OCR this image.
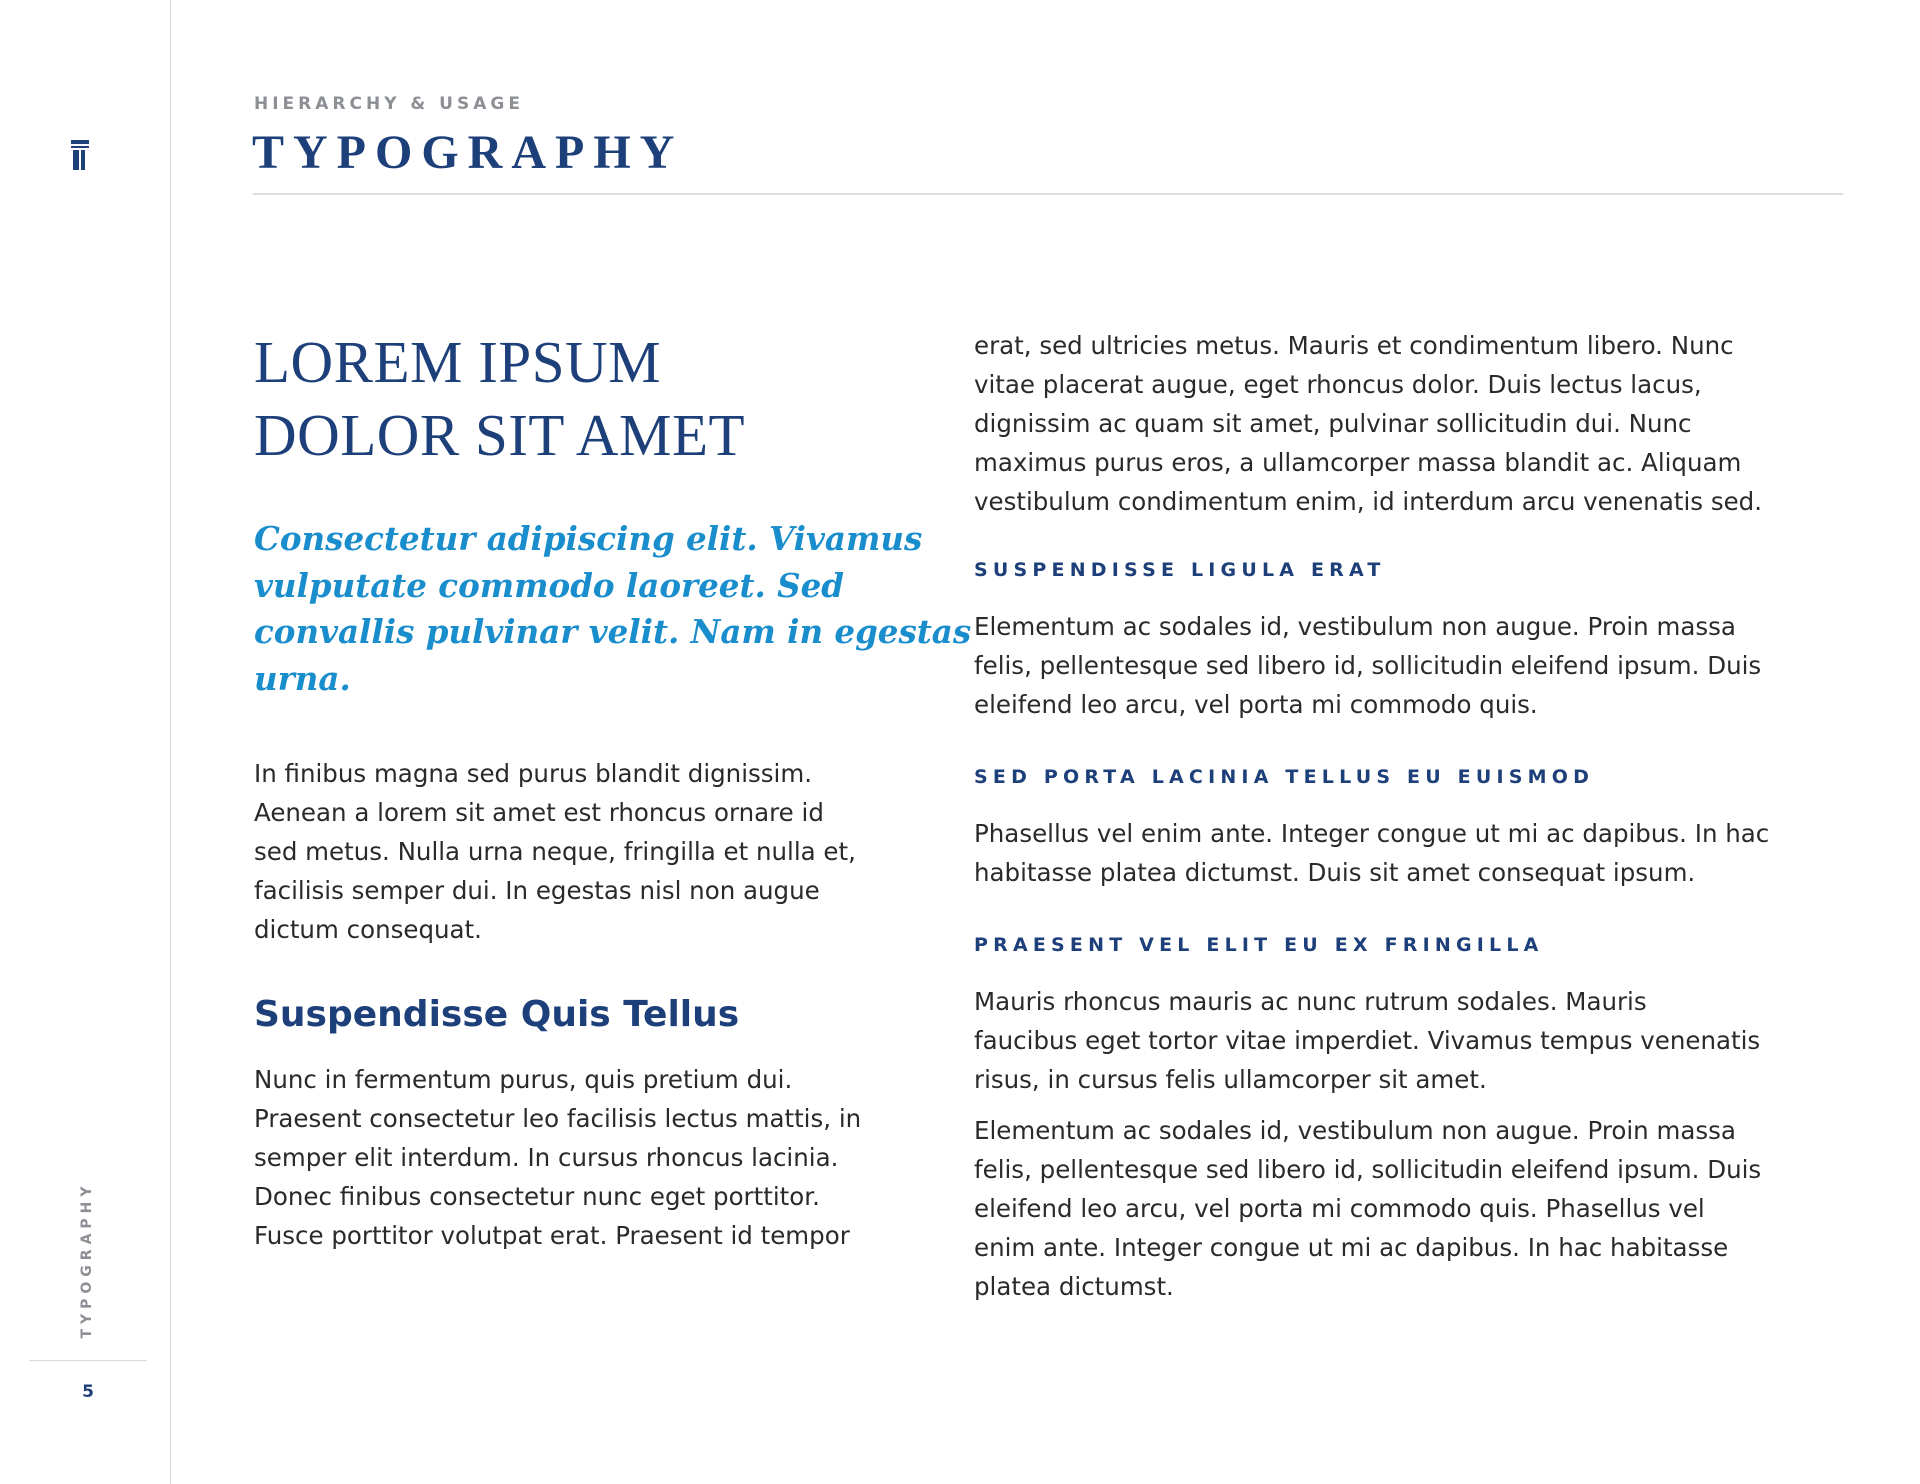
TYPOGRAPHY
5
HIERARCHY & USAGE
TYPOGRAPHY
LOREM IPSUM
DOLOR SIT AMET

Consectetur adipiscing elit. Vivamus
vulputate commodo laoreet. Sed
convallis pulvinar velit. Nam in egestas
urna.

In finibus magna sed purus blandit dignissim.
Aenean a lorem sit amet est rhoncus ornare id
sed metus. Nulla urna neque, fringilla et nulla et,
facilisis semper dui. In egestas nisl non augue
dictum consequat.

Suspendisse Quis Tellus

Nunc in fermentum purus, quis pretium dui.
Praesent consectetur leo facilisis lectus mattis, in
semper elit interdum. In cursus rhoncus lacinia.
Donec finibus consectetur nunc eget porttitor.
Fusce porttitor volutpat erat. Praesent id tempor

erat, sed ultricies metus. Mauris et condimentum libero. Nunc
vitae placerat augue, eget rhoncus dolor. Duis lectus lacus,
dignissim ac quam sit amet, pulvinar sollicitudin dui. Nunc
maximus purus eros, a ullamcorper massa blandit ac. Aliquam
vestibulum condimentum enim, id interdum arcu venenatis sed.

SUSPENDISSE LIGULA ERAT

Elementum ac sodales id, vestibulum non augue. Proin massa
felis, pellentesque sed libero id, sollicitudin eleifend ipsum. Duis
eleifend leo arcu, vel porta mi commodo quis.

SED PORTA LACINIA TELLUS EU EUISMOD

Phasellus vel enim ante. Integer congue ut mi ac dapibus. In hac
habitasse platea dictumst. Duis sit amet consequat ipsum.

PRAESENT VEL ELIT EU EX FRINGILLA

Mauris rhoncus mauris ac nunc rutrum sodales. Mauris
faucibus eget tortor vitae imperdiet. Vivamus tempus venenatis
risus, in cursus felis ullamcorper sit amet.

Elementum ac sodales id, vestibulum non augue. Proin massa
felis, pellentesque sed libero id, sollicitudin eleifend ipsum. Duis
eleifend leo arcu, vel porta mi commodo quis. Phasellus vel
enim ante. Integer congue ut mi ac dapibus. In hac habitasse
platea dictumst.
